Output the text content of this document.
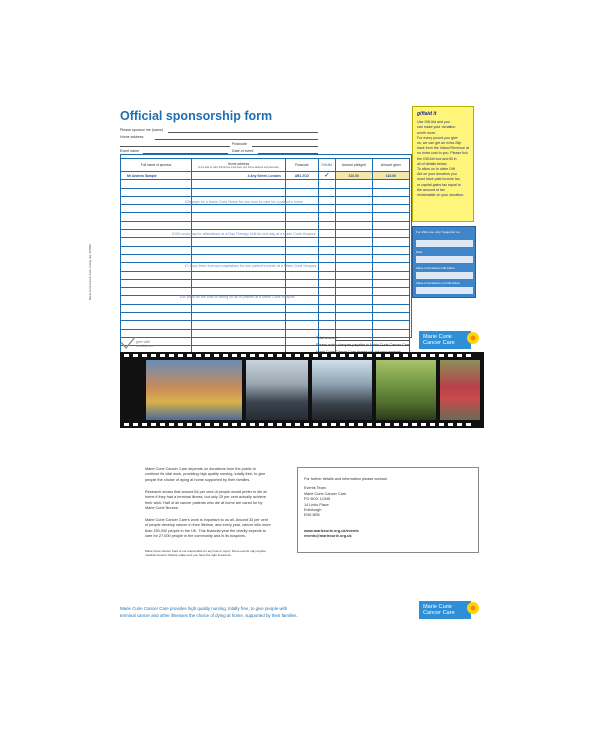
Official sponsorship form
Please sponsor me (name)
Home address
Postcode
Event name	Date of event
Full name of sponsor	Home address
(to be able to claim Gift Aid we must have your home address and postcode)	Postcode	Gift Aid	Amount pledged	Amount given
Mr Andrew Sample	4 Any Street, London	AB1 2CD	✓	£10.00	£10.00

£30 pays for a Marie Curie Nurse for one hour to care for a patient's home
£100 could pay for attendance at a Day Therapy Unit for one day at a Marie Curie Hospice
£1 buys fresh fruit and vegetables for one patient's meals at a Marie Curie Hospice
£40 pays for the cost of caring for an in-patient at a Marie Curie Hospice
Marie Curie Cancer Care charity reg. 207994
Total amount
Please make cheques payable to Marie Curie Cancer Care
give with confidence
giftaid it
Use Gift Aid and you
can make your donation
worth more.
For every pound you give
us, we can get an extra 28p
back from the Inland Revenue at
no extra cost to you. Please tick
the Gift Aid box and fill in
all of details below.
To allow us to claim Gift
Aid on your donation you
must have paid income tax
or capital gains tax equal to
the amount of tax
reclaimable on your donation.
For office use only: Supporter no.
Date
Value of donations Gift Aided
Value of donations not Gift Aided
Marie Curie
Cancer Care
Marie Curie Cancer Care depends on donations from the public to continue its vital work, providing high quality nursing, totally free, to give people the choice of dying at home supported by their families.
Research shows that around 64 per cent of people would prefer to die at home if they had a terminal illness, but only 25 per cent actually achieve their wish. Half of all cancer patients who die at home are cared for by Marie Curie Nurses.
Marie Curie Cancer Care's work is important to us all. Around 33 per cent of people develop cancer in their lifetime, and every year, cancer kills more than 150,000 people in the UK. This financial year the charity expects to care for 27,000 people in the community and in its hospices.
Marie Curie Cancer Care is not responsible for any loss or injury. Some events may require medical consent. Please make sure you have the right insurance.
For further details and information please contact:
Events Team
Marie Curie Cancer Care
PO BOX 12345
14 Links Place
Edinburgh
EH6 6EB
www.mariecurie.org.uk/events
events@mariecurie.org.uk
Marie Curie Cancer Care provides high quality nursing, totally free, to give people with
terminal cancer and other illnesses the choice of dying at home, supported by their families.
Marie Curie
Cancer Care
